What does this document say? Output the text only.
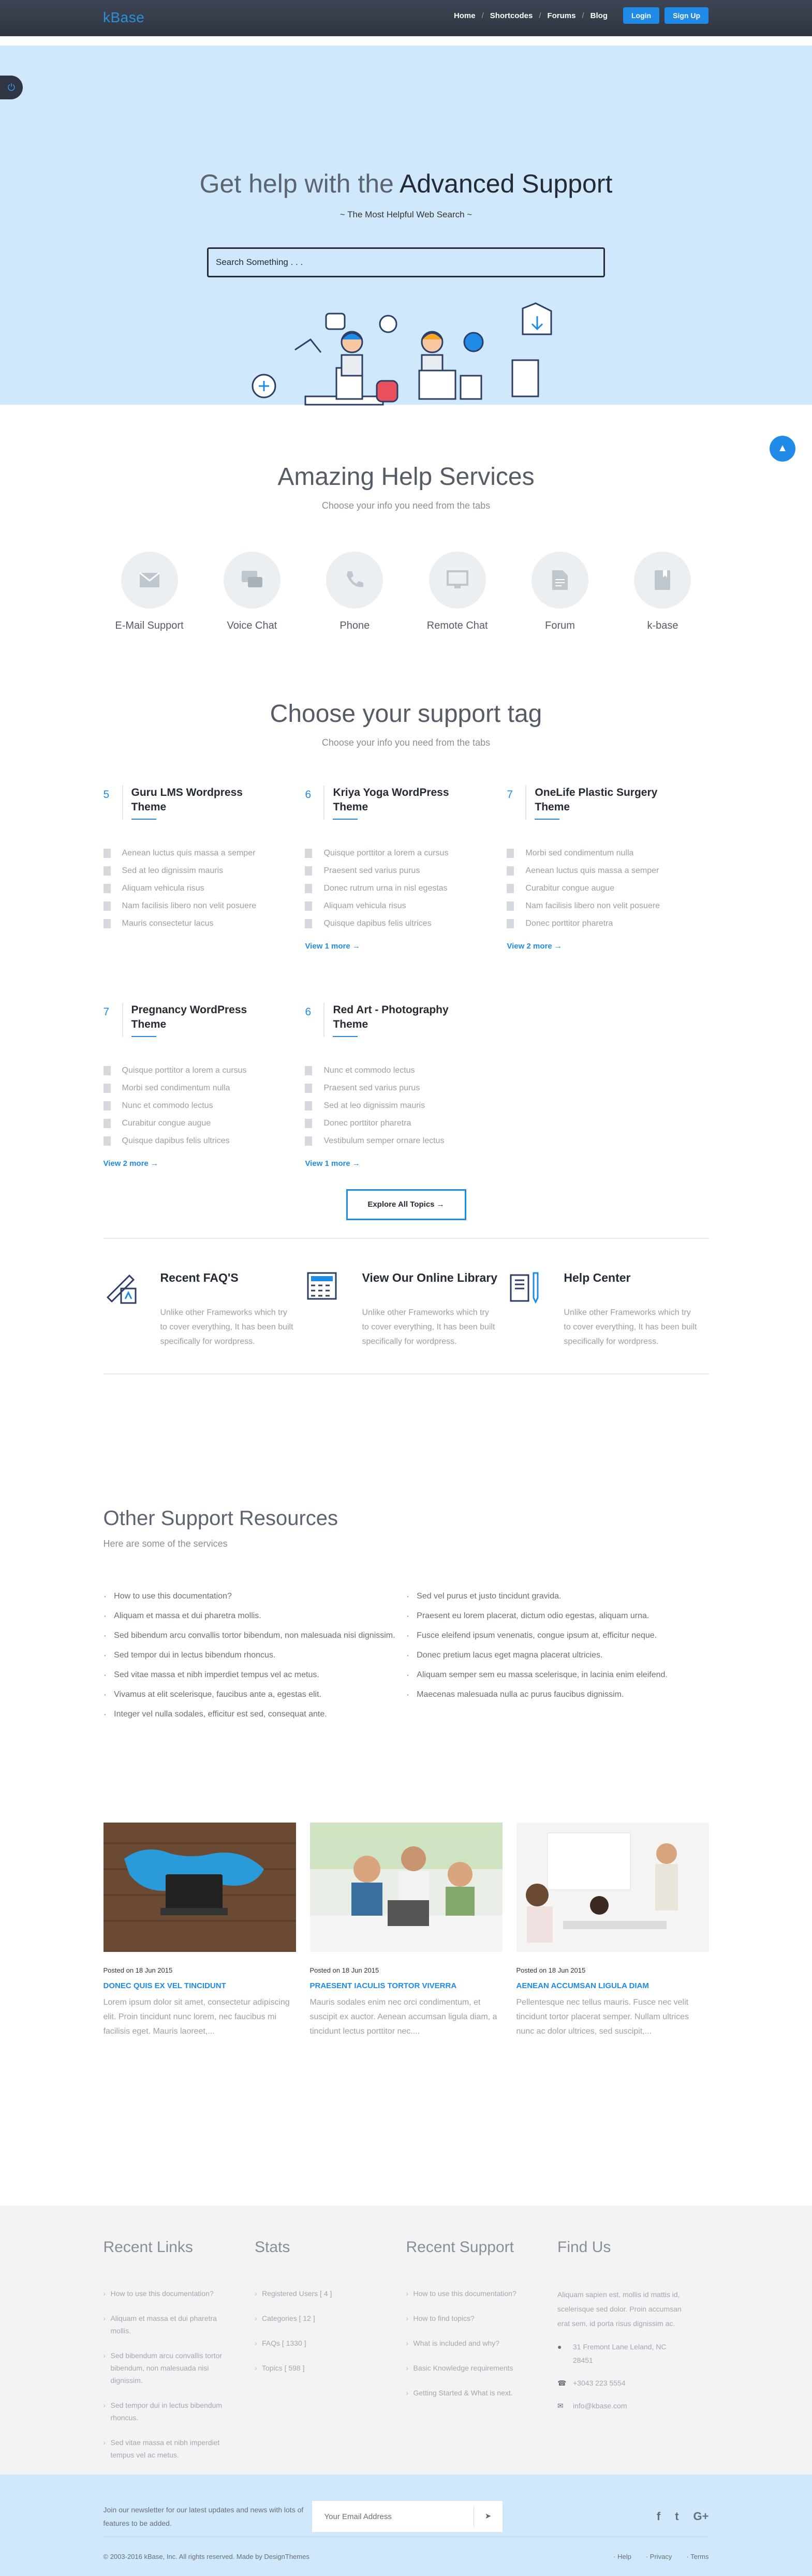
kBase	Home / Shortcodes / Forums / Blog	Login	Sign Up
⏻
Get help with the Advanced Support
~ The Most Helpful Web Search ~
Search Something . . .
▲
Amazing Help Services
Choose your info you need from the tabs
E-Mail Support	Voice Chat	Phone	Remote Chat	Forum	k-base
Choose your support tag
Choose your info you need from the tabs
5	Guru LMS Wordpress Theme
Aenean luctus quis massa a semper
Sed at leo dignissim mauris
Aliquam vehicula risus
Nam facilisis libero non velit posuere
Mauris consectetur lacus
6	Kriya Yoga WordPress Theme
Quisque porttitor a lorem a cursus
Praesent sed varius purus
Donec rutrum urna in nisl egestas
Aliquam vehicula risus
Quisque dapibus felis ultrices
View 1 more →
7	OneLife Plastic Surgery Theme
Morbi sed condimentum nulla
Aenean luctus quis massa a semper
Curabitur congue augue
Nam facilisis libero non velit posuere
Donec porttitor pharetra
View 2 more →
7	Pregnancy WordPress Theme
Quisque porttitor a lorem a cursus
Morbi sed condimentum nulla
Nunc et commodo lectus
Curabitur congue augue
Quisque dapibus felis ultrices
View 2 more →
6	Red Art - Photography Theme
Nunc et commodo lectus
Praesent sed varius purus
Sed at leo dignissim mauris
Donec porttitor pharetra
Vestibulum semper ornare lectus
View 1 more →
Explore All Topics →
Recent FAQ'S

Unlike other Frameworks which try to cover everything, It has been built specifically for wordpress.

View Our Online Library

Unlike other Frameworks which try to cover everything, It has been built specifically for wordpress.

Help Center

Unlike other Frameworks which try to cover everything, It has been built specifically for wordpress.

Other Support Resources
Here are some of the services
· How to use this documentation?
· Aliquam et massa et dui pharetra mollis.
· Sed bibendum arcu convallis tortor bibendum, non malesuada nisi dignissim.
· Sed tempor dui in lectus bibendum rhoncus.
· Sed vitae massa et nibh imperdiet tempus vel ac metus.
· Vivamus at elit scelerisque, faucibus ante a, egestas elit.
· Integer vel nulla sodales, efficitur est sed, consequat ante.
· Sed vel purus et justo tincidunt gravida.
· Praesent eu lorem placerat, dictum odio egestas, aliquam urna.
· Fusce eleifend ipsum venenatis, congue ipsum at, efficitur neque.
· Donec pretium lacus eget magna placerat ultricies.
· Aliquam semper sem eu massa scelerisque, in lacinia enim eleifend.
· Maecenas malesuada nulla ac purus faucibus dignissim.
Posted on 18 Jun 2015
DONEC QUIS EX VEL TINCIDUNT

Lorem ipsum dolor sit amet, consectetur adipiscing elit. Proin tincidunt nunc lorem, nec faucibus mi facilisis eget. Mauris laoreet,...

Posted on 18 Jun 2015
PRAESENT IACULIS TORTOR VIVERRA

Mauris sodales enim nec orci condimentum, et suscipit ex auctor. Aenean accumsan ligula diam, a tincidunt lectus porttitor nec....

Posted on 18 Jun 2015
AENEAN ACCUMSAN LIGULA DIAM

Pellentesque nec tellus mauris. Fusce nec velit tincidunt tortor placerat semper. Nullam ultrices nunc ac dolor ultrices, sed suscipit,...

Recent Links
› How to use this documentation?
› Aliquam et massa et dui pharetra mollis.
› Sed bibendum arcu convallis tortor bibendum, non malesuada nisi dignissim.
› Sed tempor dui in lectus bibendum rhoncus.
› Sed vitae massa et nibh imperdiet tempus vel ac metus.
Stats
› Registered Users [ 4 ]
› Categories [ 12 ]
› FAQs [ 1330 ]
› Topics [ 598 ]
Recent Support
› How to use this documentation?
› How to find topics?
› What is included and why?
› Basic Knowledge requirements
› Getting Started & What is next.
Find Us
Aliquam sapien est, mollis id mattis id, scelerisque sed dolor. Proin accumsan erat sem, id porta risus dignissim ac.
●	31 Fremont Lane Leland, NC 28451
☎ +3043 223 5554
✉	info@kbase.com
Join our newsletter for our latest updates and news with lots of features to be added.
Your Email Address	➤	f t G+
© 2003-2016 kBase, Inc. All rights reserved. Made by DesignThemes	· Help · Privacy · Terms
